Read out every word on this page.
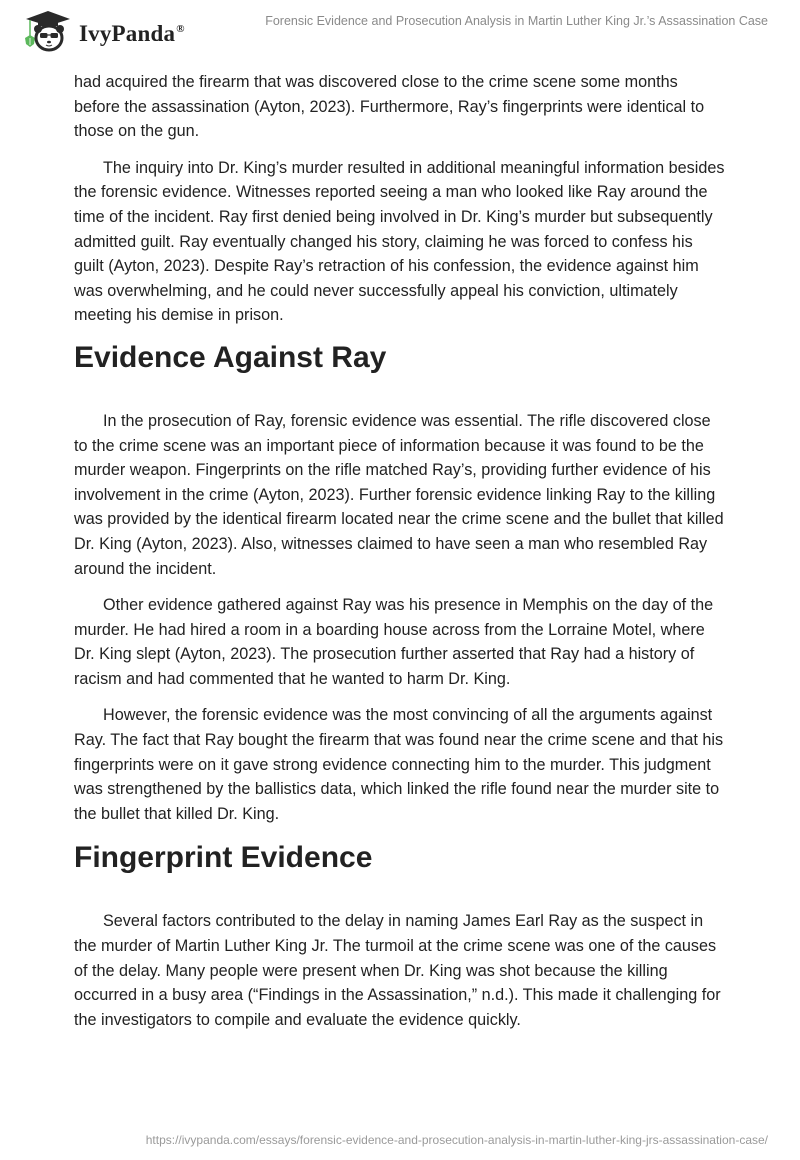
IvyPanda®
Forensic Evidence and Prosecution Analysis in Martin Luther King Jr.’s Assassination Case

had acquired the firearm that was discovered close to the crime scene some months before the assassination (Ayton, 2023). Furthermore, Ray’s fingerprints were identical to those on the gun.

The inquiry into Dr. King’s murder resulted in additional meaningful information besides the forensic evidence. Witnesses reported seeing a man who looked like Ray around the time of the incident. Ray first denied being involved in Dr. King’s murder but subsequently admitted guilt. Ray eventually changed his story, claiming he was forced to confess his guilt (Ayton, 2023). Despite Ray’s retraction of his confession, the evidence against him was overwhelming, and he could never successfully appeal his conviction, ultimately meeting his demise in prison.

Evidence Against Ray

In the prosecution of Ray, forensic evidence was essential. The rifle discovered close to the crime scene was an important piece of information because it was found to be the murder weapon. Fingerprints on the rifle matched Ray’s, providing further evidence of his involvement in the crime (Ayton, 2023). Further forensic evidence linking Ray to the killing was provided by the identical firearm located near the crime scene and the bullet that killed Dr. King (Ayton, 2023). Also, witnesses claimed to have seen a man who resembled Ray around the incident.

Other evidence gathered against Ray was his presence in Memphis on the day of the murder. He had hired a room in a boarding house across from the Lorraine Motel, where Dr. King slept (Ayton, 2023). The prosecution further asserted that Ray had a history of racism and had commented that he wanted to harm Dr. King.

However, the forensic evidence was the most convincing of all the arguments against Ray. The fact that Ray bought the firearm that was found near the crime scene and that his fingerprints were on it gave strong evidence connecting him to the murder. This judgment was strengthened by the ballistics data, which linked the rifle found near the murder site to the bullet that killed Dr. King.

Fingerprint Evidence

Several factors contributed to the delay in naming James Earl Ray as the suspect in the murder of Martin Luther King Jr. The turmoil at the crime scene was one of the causes of the delay. Many people were present when Dr. King was shot because the killing occurred in a busy area (“Findings in the Assassination,” n.d.). This made it challenging for the investigators to compile and evaluate the evidence quickly.

https://ivypanda.com/essays/forensic-evidence-and-prosecution-analysis-in-martin-luther-king-jrs-assassination-case/
